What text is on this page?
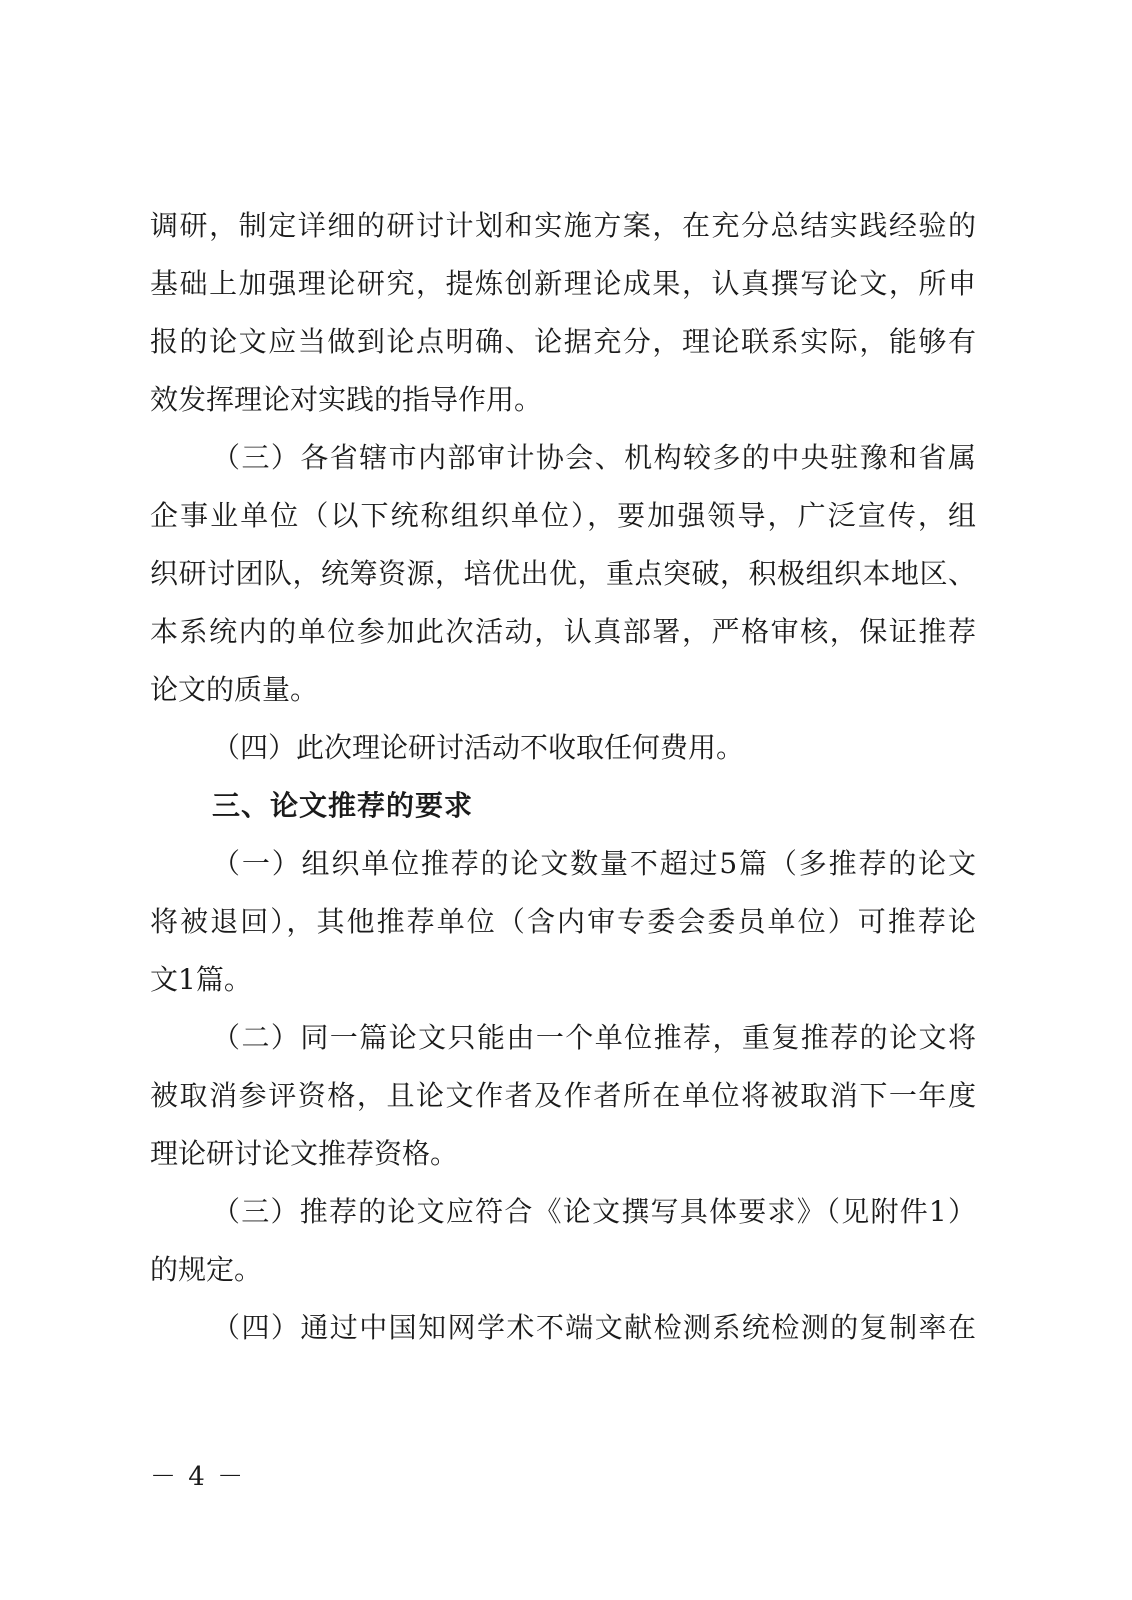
调研，制定详细的研讨计划和实施方案，在充分总结实践经验的
基础上加强理论研究，提炼创新理论成果，认真撰写论文，所申
报的论文应当做到论点明确、论据充分，理论联系实际，能够有
效发挥理论对实践的指导作用。
（三）各省辖市内部审计协会、机构较多的中央驻豫和省属
企事业单位（以下统称组织单位），要加强领导，广泛宣传，组
织研讨团队，统筹资源，培优出优，重点突破，积极组织本地区、
本系统内的单位参加此次活动，认真部署，严格审核，保证推荐
论文的质量。
（四）此次理论研讨活动不收取任何费用。
三、论文推荐的要求
（一）组织单位推荐的论文数量不超过5篇（多推荐的论文
将被退回），其他推荐单位（含内审专委会委员单位）可推荐论
文1篇。
（二）同一篇论文只能由一个单位推荐，重复推荐的论文将
被取消参评资格，且论文作者及作者所在单位将被取消下一年度
理论研讨论文推荐资格。
（三）推荐的论文应符合《论文撰写具体要求》（见附件1）
的规定。
（四）通过中国知网学术不端文献检测系统检测的复制率在
－ 4 －
